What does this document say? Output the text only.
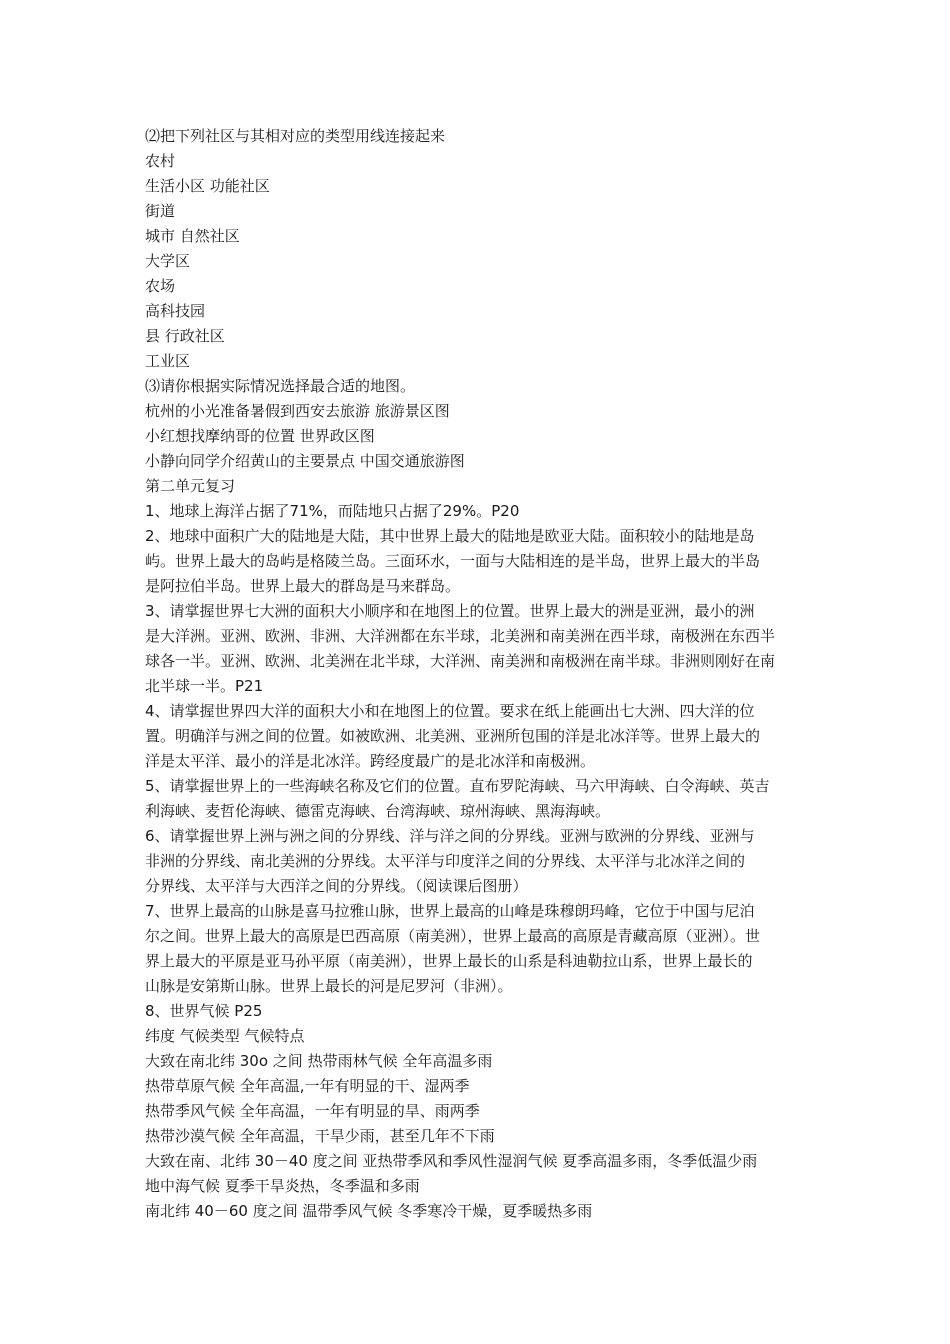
⑵把下列社区与其相对应的类型用线连接起来
农村
生活小区 功能社区
街道
城市 自然社区
大学区
农场
高科技园
县 行政社区
工业区
⑶请你根据实际情况选择最合适的地图。
杭州的小光准备暑假到西安去旅游 旅游景区图
小红想找摩纳哥的位置 世界政区图
小静向同学介绍黄山的主要景点 中国交通旅游图
第二单元复习
1、地球上海洋占据了71%，而陆地只占据了29%。P20
2、地球中面积广大的陆地是大陆，其中世界上最大的陆地是欧亚大陆。面积较小的陆地是岛
屿。世界上最大的岛屿是格陵兰岛。三面环水，一面与大陆相连的是半岛，世界上最大的半岛
是阿拉伯半岛。世界上最大的群岛是马来群岛。
3、请掌握世界七大洲的面积大小顺序和在地图上的位置。世界上最大的洲是亚洲，最小的洲
是大洋洲。亚洲、欧洲、非洲、大洋洲都在东半球，北美洲和南美洲在西半球，南极洲在东西半
球各一半。亚洲、欧洲、北美洲在北半球，大洋洲、南美洲和南极洲在南半球。非洲则刚好在南
北半球一半。P21
4、请掌握世界四大洋的面积大小和在地图上的位置。要求在纸上能画出七大洲、四大洋的位
置。明确洋与洲之间的位置。如被欧洲、北美洲、亚洲所包围的洋是北冰洋等。世界上最大的
洋是太平洋、最小的洋是北冰洋。跨经度最广的是北冰洋和南极洲。
5、请掌握世界上的一些海峡名称及它们的位置。直布罗陀海峡、马六甲海峡、白令海峡、英吉
利海峡、麦哲伦海峡、德雷克海峡、台湾海峡、琼州海峡、黑海海峡。
6、请掌握世界上洲与洲之间的分界线、洋与洋之间的分界线。亚洲与欧洲的分界线、亚洲与
非洲的分界线、南北美洲的分界线。太平洋与印度洋之间的分界线、太平洋与北冰洋之间的
分界线、太平洋与大西洋之间的分界线。（阅读课后图册）
7、世界上最高的山脉是喜马拉雅山脉，世界上最高的山峰是珠穆朗玛峰，它位于中国与尼泊
尔之间。世界上最大的高原是巴西高原（南美洲），世界上最高的高原是青藏高原（亚洲）。世
界上最大的平原是亚马孙平原（南美洲），世界上最长的山系是科迪勒拉山系，世界上最长的
山脉是安第斯山脉。世界上最长的河是尼罗河（非洲）。
8、世界气候 P25
纬度 气候类型 气候特点
大致在南北纬 30o 之间 热带雨林气候 全年高温多雨
热带草原气候 全年高温,一年有明显的干、湿两季
热带季风气候 全年高温，一年有明显的旱、雨两季
热带沙漠气候 全年高温，干旱少雨，甚至几年不下雨
大致在南、北纬 30－40 度之间 亚热带季风和季风性湿润气候 夏季高温多雨，冬季低温少雨
地中海气候 夏季干旱炎热，冬季温和多雨
南北纬 40－60 度之间 温带季风气候 冬季寒冷干燥，夏季暖热多雨
